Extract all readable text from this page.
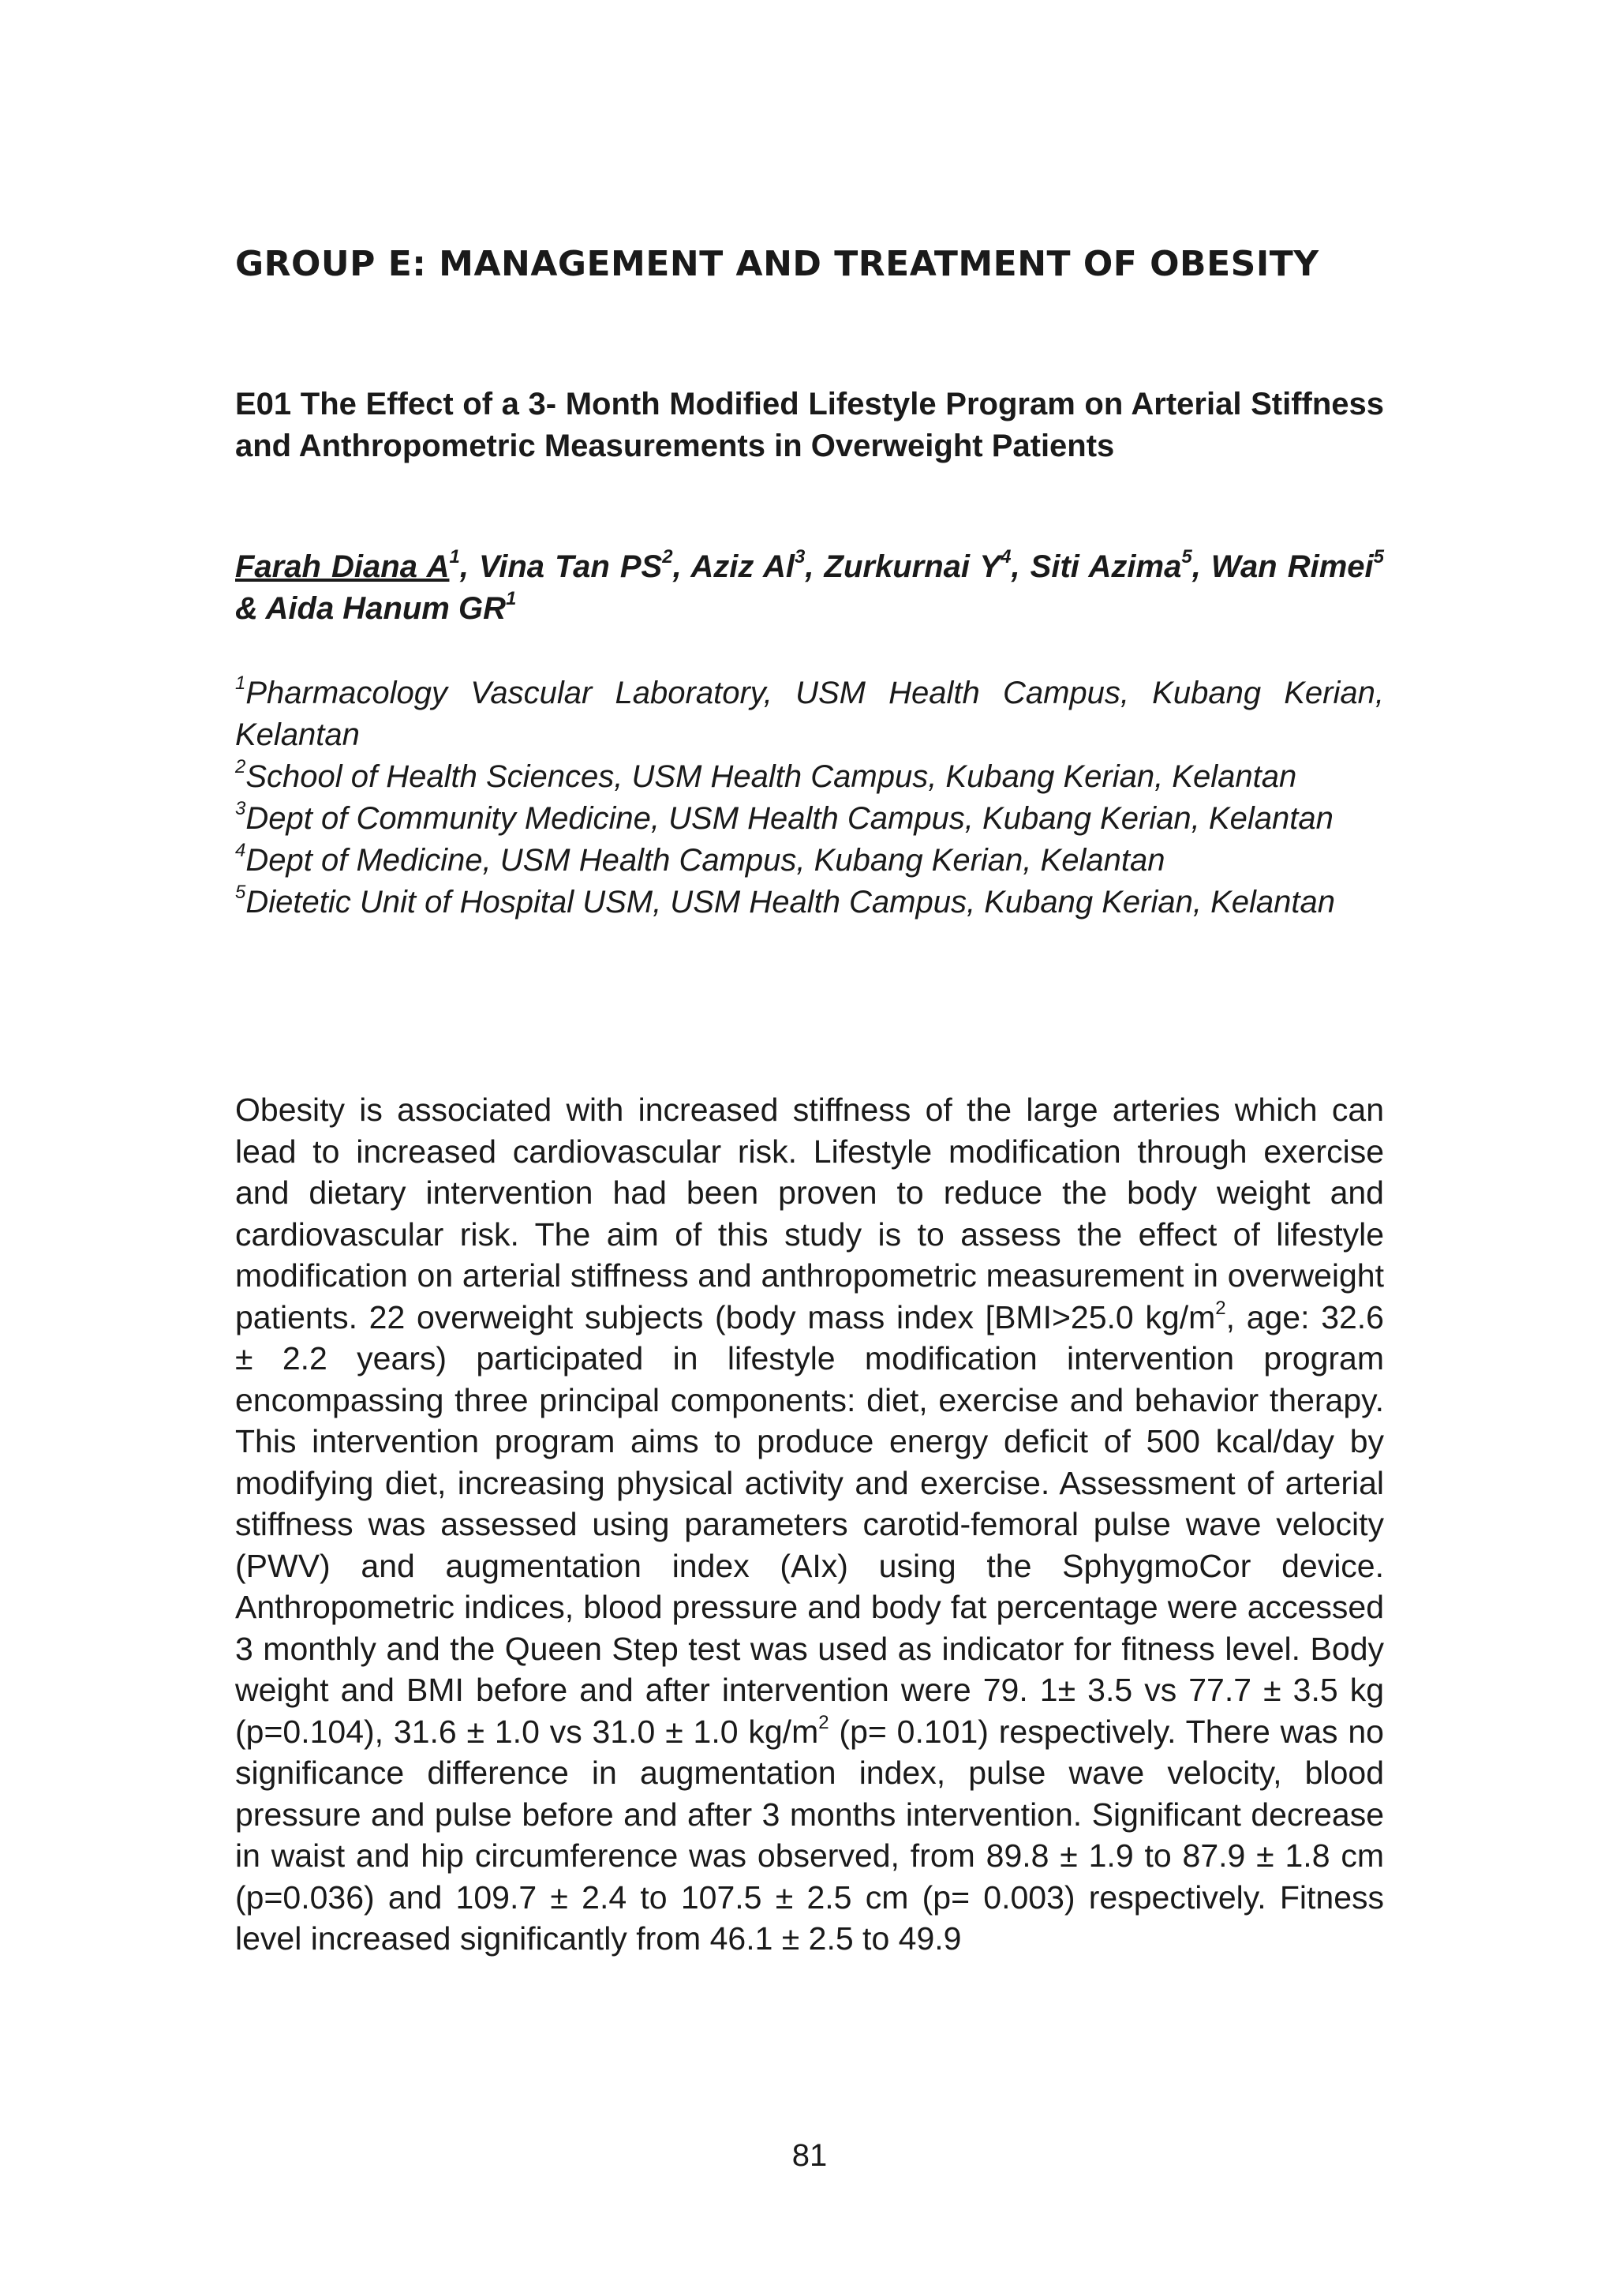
GROUP E: MANAGEMENT AND TREATMENT OF OBESITY
E01 The Effect of a 3- Month Modified Lifestyle Program on Arterial Stiffness and Anthropometric Measurements in Overweight Patients

Farah Diana $A^1$, Vina Tan $PS^2$, Aziz Al$^3$, Zurkurnai $Y^4$, Siti Azima$^5$, Wan Rimei$^5$ & Aida Hanum $GR^1$

$^1$Pharmacology Vascular Laboratory, USM Health Campus, Kubang Kerian, Kelantan
$^2$School of Health Sciences, USM Health Campus, Kubang Kerian, Kelantan
$^3$Dept of Community Medicine, USM Health Campus, Kubang Kerian, Kelantan
$^4$Dept of Medicine, USM Health Campus, Kubang Kerian, Kelantan
$^5$Dietetic Unit of Hospital USM, USM Health Campus, Kubang Kerian, Kelantan

Obesity is associated with increased stiffness of the large arteries which can lead to increased cardiovascular risk. Lifestyle modification through exercise and dietary intervention had been proven to reduce the body weight and cardiovascular risk. The aim of this study is to assess the effect of lifestyle modification on arterial stiffness and anthropometric measurement in overweight patients. 22 overweight subjects (body mass index [BMI>25.0 $kg/m^2$, age: 32.6 ± 2.2 years) participated in lifestyle modification intervention program encompassing three principal components: diet, exercise and behavior therapy. This intervention program aims to produce energy deficit of 500 kcal/day by modifying diet, increasing physical activity and exercise. Assessment of arterial stiffness was assessed using parameters carotid-femoral pulse wave velocity (PWV) and augmentation index (AIx) using the SphygmoCor device. Anthropometric indices, blood pressure and body fat percentage were accessed 3 monthly and the Queen Step test was used as indicator for fitness level. Body weight and BMI before and after intervention were 79. 1± 3.5 vs 77.7 ± 3.5 kg (p=0.104), 31.6 ± 1.0 vs 31.0 ± 1.0 $kg/m^2$ (p= 0.101) respectively. There was no significance difference in augmentation index, pulse wave velocity, blood pressure and pulse before and after 3 months intervention. Significant decrease in waist and hip circumference was observed, from 89.8 ± 1.9 to 87.9 ± 1.8 cm (p=0.036) and 109.7 ± 2.4 to 107.5 ± 2.5 cm (p= 0.003) respectively. Fitness level increased significantly from 46.1 ± 2.5 to 49.9

81
